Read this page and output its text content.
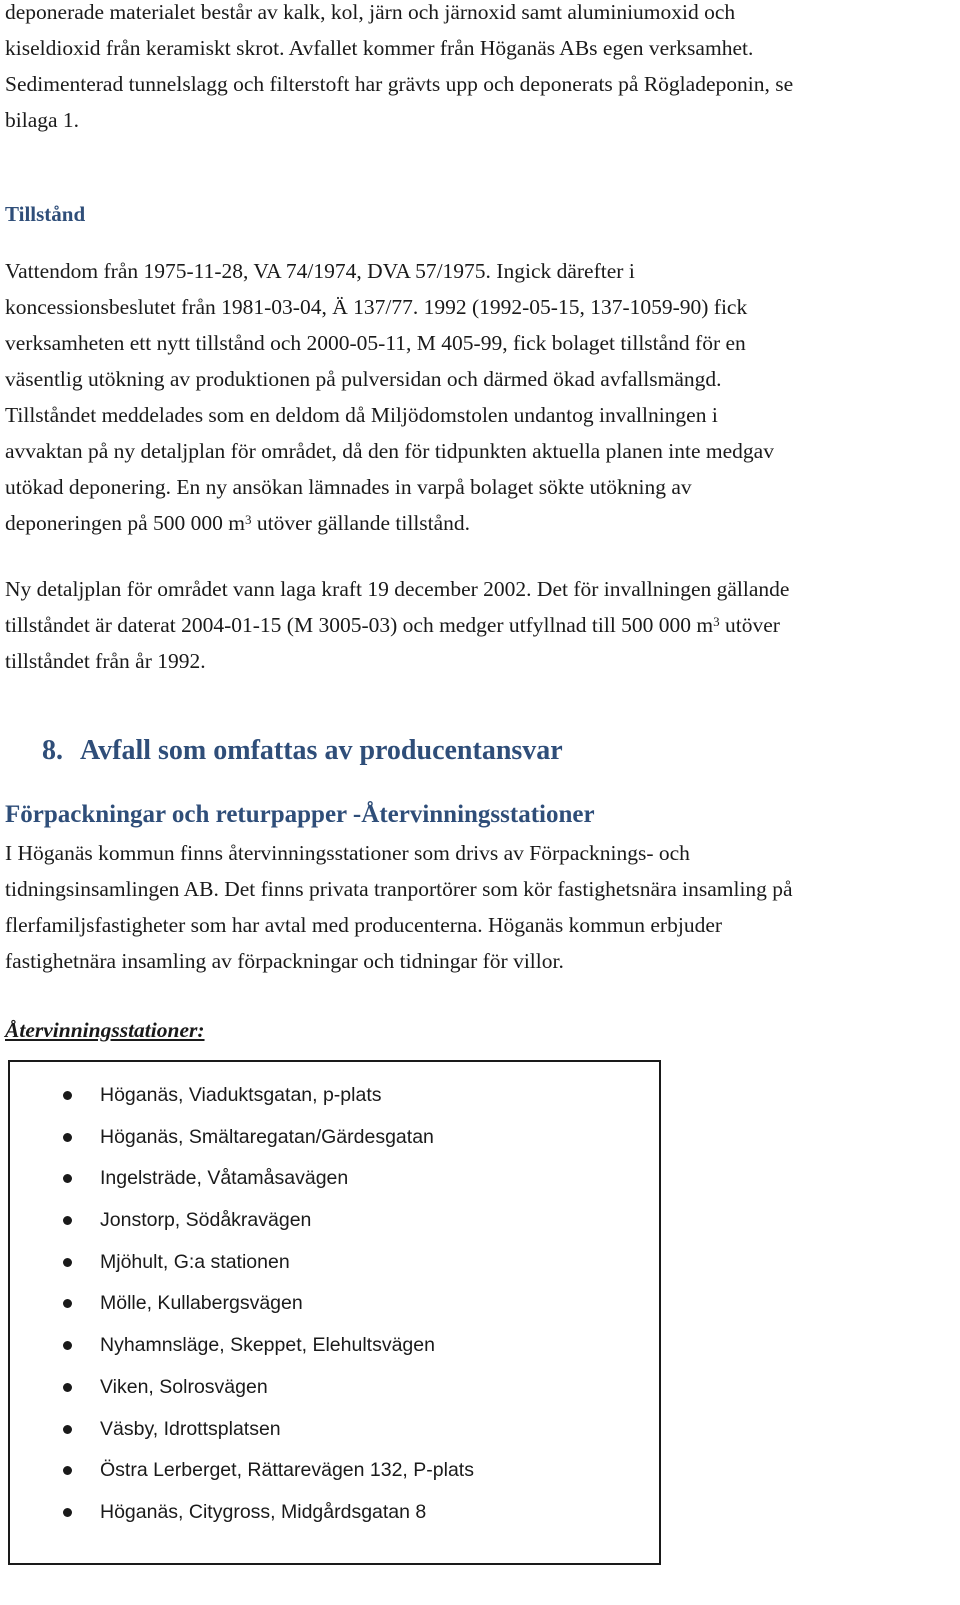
deponerade materialet består av kalk, kol, järn och järnoxid samt aluminiumoxid och

kiseldioxid från keramiskt skrot. Avfallet kommer från Höganäs ABs egen verksamhet.

Sedimenterad tunnelslagg och filterstoft har grävts upp och deponerats på Rögladeponin, se

bilaga 1.

Tillstånd

Vattendom från 1975-11-28, VA 74/1974, DVA 57/1975. Ingick därefter i

koncessionsbeslutet från 1981-03-04, Ä 137/77. 1992 (1992-05-15, 137-1059-90) fick

verksamheten ett nytt tillstånd och 2000-05-11, M 405-99, fick bolaget tillstånd för en

väsentlig utökning av produktionen på pulversidan och därmed ökad avfallsmängd.

Tillståndet meddelades som en deldom då Miljödomstolen undantog invallningen i

avvaktan på ny detaljplan för området, då den för tidpunkten aktuella planen inte medgav

utökad deponering. En ny ansökan lämnades in varpå bolaget sökte utökning av

deponeringen på 500 000 $m^3$ utöver gällande tillstånd.

Ny detaljplan för området vann laga kraft 19 december 2002. Det för invallningen gällande

tillståndet är daterat 2004-01-15 (M 3005-03) och medger utfyllnad till 500 000 $m^3$ utöver

tillståndet från år 1992.

8. Avfall som omfattas av producentansvar
Förpackningar och returpapper -Återvinningsstationer

I Höganäs kommun finns återvinningsstationer som drivs av Förpacknings- och

tidningsinsamlingen AB. Det finns privata tranportörer som kör fastighetsnära insamling på

flerfamiljsfastigheter som har avtal med producenterna. Höganäs kommun erbjuder

fastighetnära insamling av förpackningar och tidningar för villor.

Återvinningsstationer:
Höganäs, Viaduktsgatan, p-plats
Höganäs, Smältaregatan/Gärdesgatan
Ingelsträde, Våtamåsavägen
Jonstorp, Södåkravägen
Mjöhult, G:a stationen
Mölle, Kullabergsvägen
Nyhamnsläge, Skeppet, Elehultsvägen
Viken, Solrosvägen
Väsby, Idrottsplatsen
Östra Lerberget, Rättarevägen 132, P-plats
Höganäs, Citygross, Midgårdsgatan 8
